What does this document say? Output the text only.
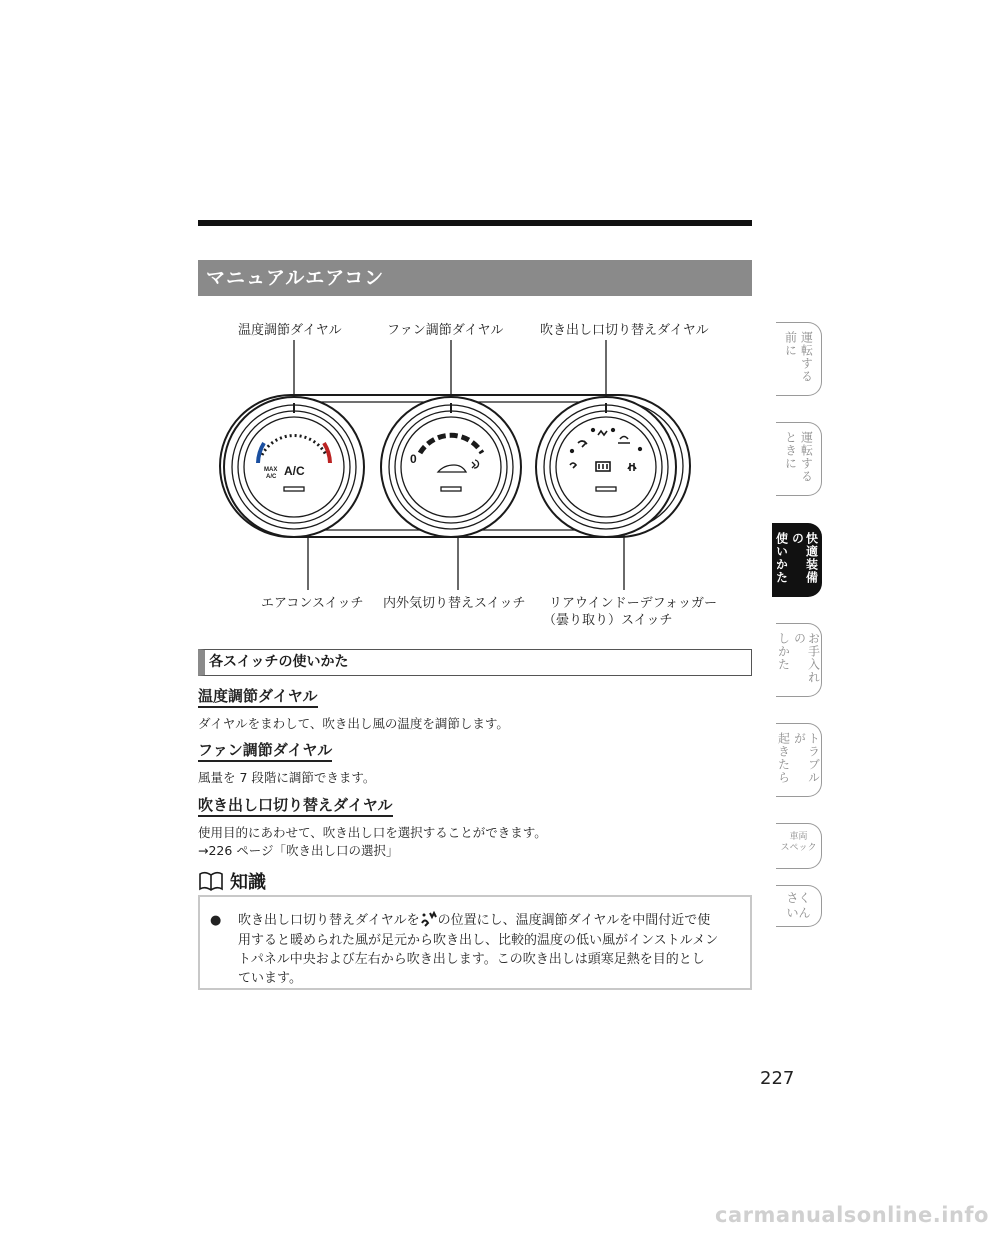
マニュアルエアコン
温度調節ダイヤル	ファン調節ダイヤル	吹き出し口切り替えダイヤル
エアコンスイッチ 内外気切り替えスイッチ リアウインドーデフォッガー
（曇り取り）スイッチ
MAX
A/C A/C
0
各スイッチの使いかた
温度調節ダイヤル
ダイヤルをまわして、吹き出し風の温度を調節します。
ファン調節ダイヤル
風量を 7 段階に調節できます。
吹き出し口切り替えダイヤル
使用目的にあわせて、吹き出し口を選択することができます。
→226 ページ「吹き出し口の選択」
知識
● 吹き出し口切り替えダイヤルを の位置にし、温度調節ダイヤルを中間付近で使
用すると暖められた風が足元から吹き出し、比較的温度の低い風がインストルメン
トパネル中央および左右から吹き出します。この吹き出しは頭寒足熱を目的とし
ています。
運転する
前に
運転する
ときに
快適装備の
使いかた
お手入れの
しかた
トラブルが
起きたら
車両
スペック
さく
いん
227
carmanualsonline.info
